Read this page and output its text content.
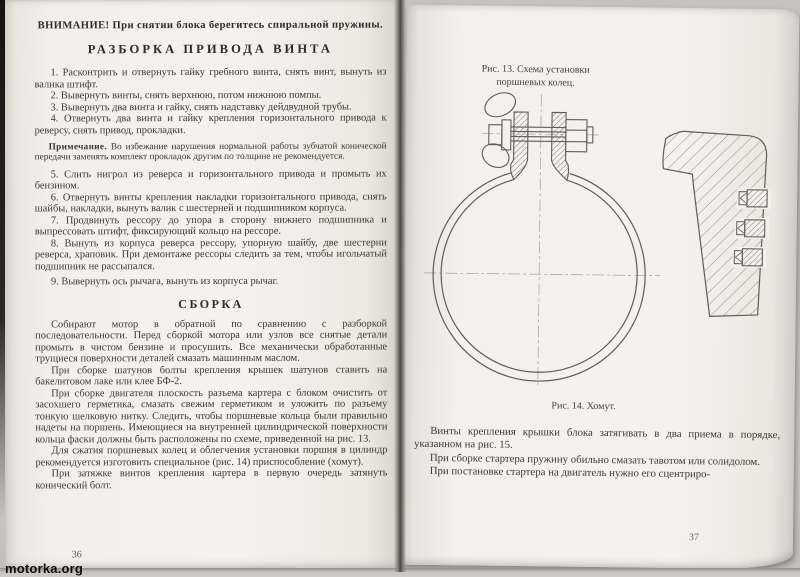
ВНИМАНИЕ! При снятии блока берегитесь спиральной пружины.
РАЗБОРКА ПРИВОДА ВИНТА

1. Расконтрить и отвернуть гайку гребного винта, снять винт, вынуть из валика штифт.

2. Вывернуть винты, снять верхнюю, потом нижнюю помпы.

3. Вывернуть два винта и гайку, снять надставку дейдвудной трубы.

4. Отвернуть два винта и гайку крепления горизонтального привода к реверсу, снять привод, прокладки.

Примечание. Во избежание нарушения нормальной работы зубчатой конической передачи заменять комплект прокладок другим по толщине не рекомендуется.

5. Слить нигрол из реверса и горизонтального привода и промыть их бензином.

6. Отвернуть винты крепления накладки горизонтального привода, снять шайбы, накладки, вынуть валик с шестерней и подшипником корпуса.

7. Продвинуть рессору до упора в сторону нижнего подшипника и выпрессовать штифт, фиксирующий кольцо на рессоре.

8. Вынуть из корпуса реверса рессору, упорную шайбу, две шестерни реверса, храповик. При демонтаже рессоры следить за тем, чтобы игольчатый подшипник не рассыпался.

9. Вывернуть ось рычага, вынуть из корпуса рычаг.

СБОРКА

Собирают мотор в обратной по сравнению с разборкой последовательности. Перед сборкой мотора или узлов все снятые детали промыть в чистом бензине и просушить. Все механически обработанные трущиеся поверхности деталей смазать машинным маслом.

При сборке шатунов болты крепления крышек шатунов ставить на бакелитовом лаке или клее БФ-2.

При сборке двигателя плоскость разъема картера с блоком очистить от засохшего герметика, смазать свежим герметиком и уложить по разъему тонкую шелковую нитку. Следить, чтобы поршневые кольца были правильно надеты на поршень. Имеющиеся на внутренней цилиндрической поверхности кольца фаски должны быть расположены по схеме, приведенной на рис. 13.

Для сжатия поршневых колец и облегчения установки поршня в цилиндр рекомендуется изготовить специальное (рис. 14) приспособление (хомут).

При затяжке винтов крепления картера в первую очередь затянуть конический болт.

36
Рис. 13. Схема установки
поршневых колец.
Рис. 14. Хомут.

Винты крепления крышки блока затягивать в два приема в порядке, указанном на рис. 15.

При сборке стартера пружину обильно смазать тавотом или солидолом.

При постановке стартера на двигатель нужно его сцентриро-

37
motorka.org
